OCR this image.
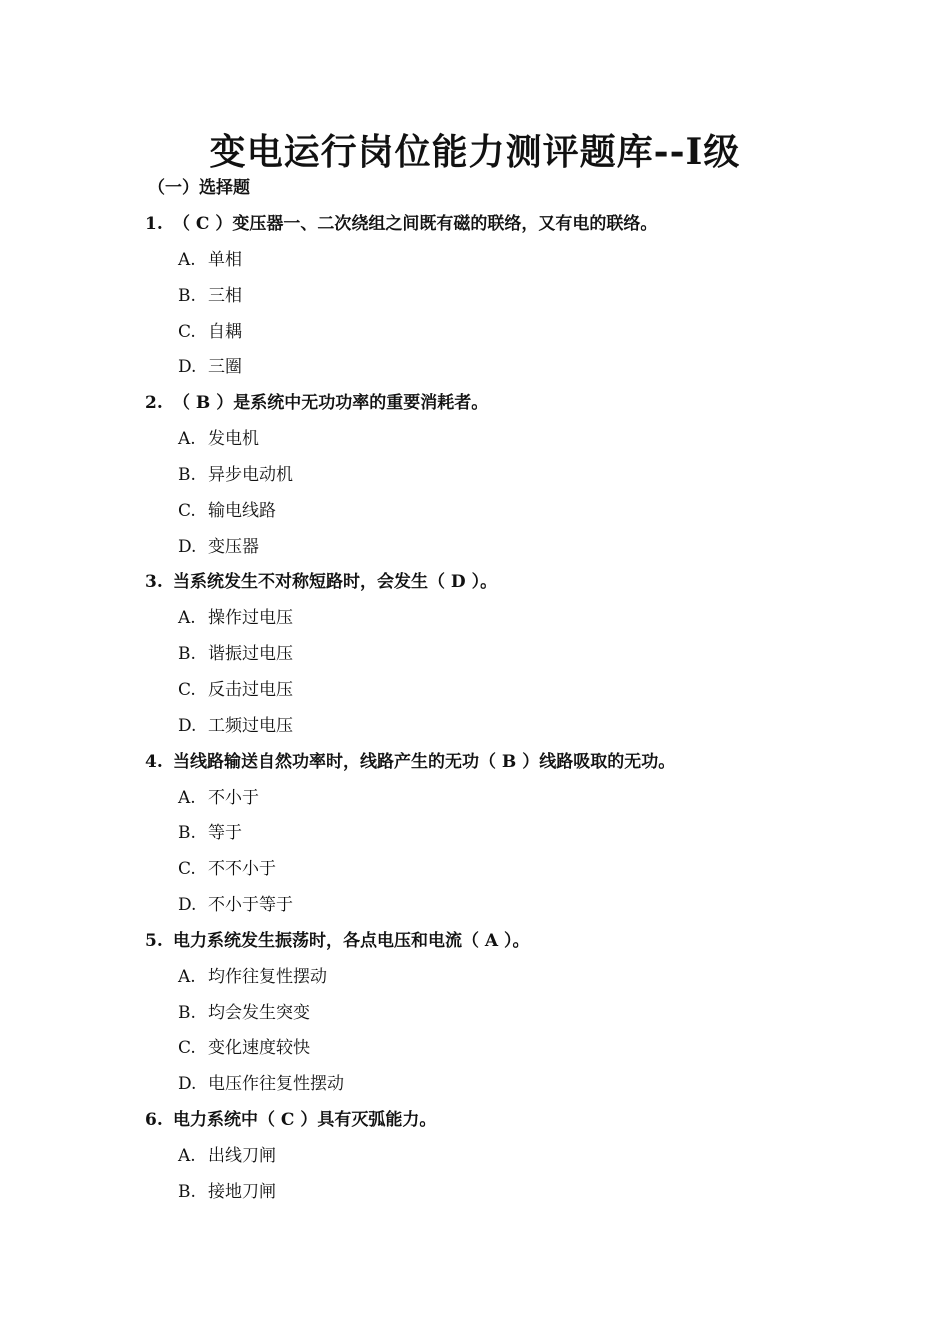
变电运行岗位能力测评题库--Ⅰ级
（一）选择题
1. （ C ）变压器一、二次绕组之间既有磁的联络，又有电的联络。
A. 单相
B. 三相
C. 自耦
D. 三圈
2. （ B ）是系统中无功功率的重要消耗者。
A. 发电机
B. 异步电动机
C. 输电线路
D. 变压器
3. 当系统发生不对称短路时，会发生（ D ）。
A. 操作过电压
B. 谐振过电压
C. 反击过电压
D. 工频过电压
4. 当线路输送自然功率时，线路产生的无功（ B ）线路吸取的无功。
A. 不小于
B. 等于
C. 不不小于
D. 不小于等于
5. 电力系统发生振荡时，各点电压和电流（ A ）。
A. 均作往复性摆动
B. 均会发生突变
C. 变化速度较快
D. 电压作往复性摆动
6. 电力系统中（ C ）具有灭弧能力。
A. 出线刀闸
B. 接地刀闸
